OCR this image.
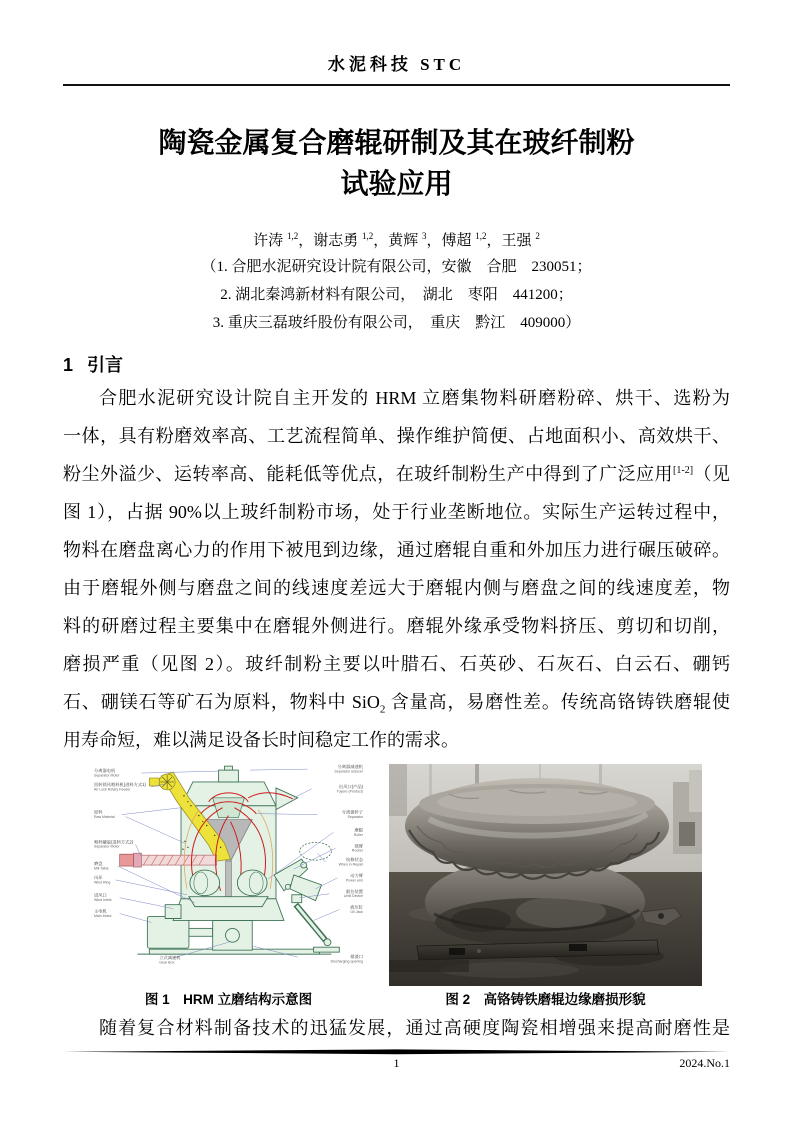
水泥科技 STC
陶瓷金属复合磨辊研制及其在玻纤制粉
试验应用
许涛 $^{1,2}$，谢志勇 $^{1,2}$，黄辉 $^3$，傅超 $^{1,2}$，王强 $^2$
（1. 合肥水泥研究设计院有限公司，安徽　合肥　230051；
2. 湖北秦鸿新材料有限公司，　湖北　枣阳　441200；
3. 重庆三磊玻纤股份有限公司，　重庆　黔江　409000）
1 引言
合肥水泥研究设计院自主开发的 HRM 立磨集物料研磨粉碎、烘干、选粉为
一体，具有粉磨效率高、工艺流程简单、操作维护简便、占地面积小、高效烘干、
粉尘外溢少、运转率高、能耗低等优点，在玻纤制粉生产中得到了广泛应用[1-2]（见
图 1），占据 90%以上玻纤制粉市场，处于行业垄断地位。实际生产运转过程中，
物料在磨盘离心力的作用下被甩到边缘，通过磨辊自重和外加压力进行碾压破碎。
由于磨辊外侧与磨盘之间的线速度差远大于磨辊内侧与磨盘之间的线速度差，物
料的研磨过程主要集中在磨辊外侧进行。磨辊外缘承受物料挤压、剪切和切削，
磨损严重（见图 2）。玻纤制粉主要以叶腊石、石英砂、石灰石、白云石、硼钙
石、硼镁石等矿石为原料，物料中 SiO$_2$ 含量高，易磨性差。传统高铬铸铁磨辊使
用寿命短，难以满足设备长时间稳定工作的需求。
分离器电机
Separator Motor
回转锁风喂料机(进料方式1)
Air Lock Rotary Feeder
原料
Raw Material
喂料螺旋(进料方式2)
Separator Motor
磨盘
Mill Table
风环
Wind Ring
进风口
Wind Inlets
主电机
Main Motor
立式减速机
Gear Box
分离器减速机
Separator reducer
出风口(产品)
Tuyere (Product)
分离器转子
Separator
磨辊
Roller
摇臂
Rocker
检修状态
When in Repair
动力臂
Power arm
限位装置
Limit Device
液压缸
Oil Jack
排渣口
Discharging opening
图 1　HRM 立磨结构示意图	图 2　高铬铸铁磨辊边缘磨损形貌
随着复合材料制备技术的迅猛发展，通过高硬度陶瓷相增强来提高耐磨性是
1	2024.No.1
